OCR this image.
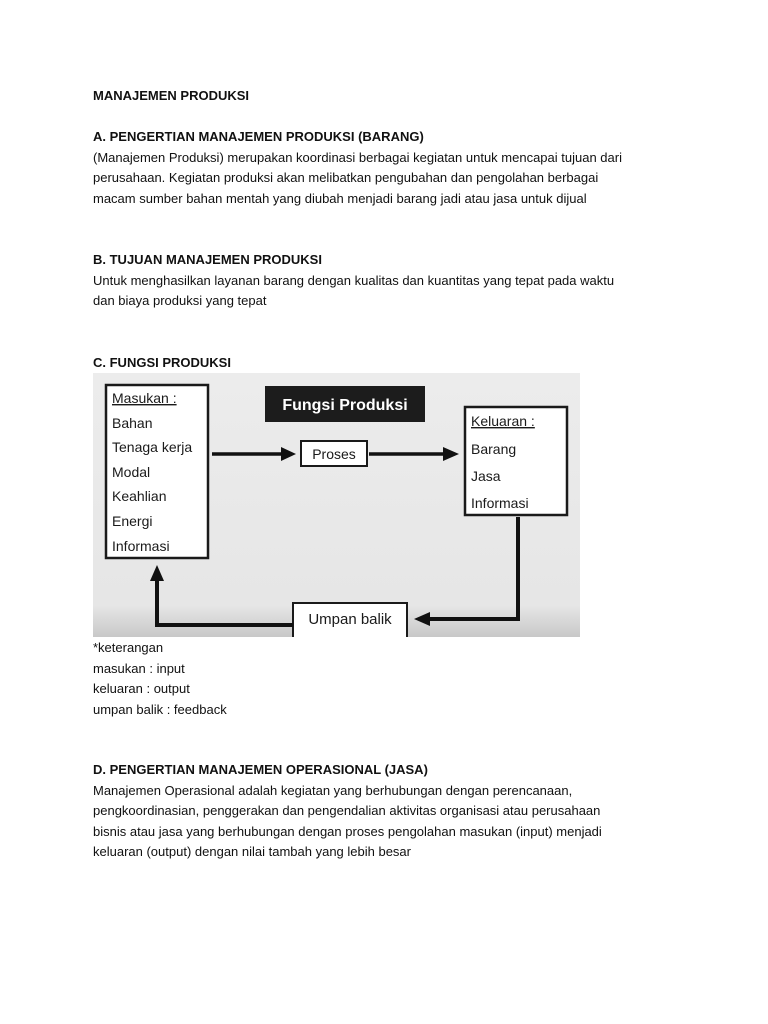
MANAJEMEN PRODUKSI

A. PENGERTIAN MANAJEMEN PRODUKSI (BARANG)

(Manajemen Produksi) merupakan koordinasi berbagai kegiatan untuk mencapai tujuan dari

perusahaan. Kegiatan produksi akan melibatkan pengubahan dan pengolahan berbagai

macam sumber bahan mentah yang diubah menjadi barang jadi atau jasa untuk dijual

B. TUJUAN MANAJEMEN PRODUKSI

Untuk menghasilkan layanan barang dengan kualitas dan kuantitas yang tepat pada waktu

dan biaya produksi yang tepat

C. FUNGSI PRODUKSI

Masukan :
Bahan
Tenaga kerja
Modal
Keahlian
Energi
Informasi
Fungsi Produksi
Proses
Keluaran :
Barang
Jasa
Informasi
Umpan balik

*keterangan

masukan : input

keluaran : output

umpan balik : feedback

D. PENGERTIAN MANAJEMEN OPERASIONAL (JASA)

Manajemen Operasional adalah kegiatan yang berhubungan dengan perencanaan,

pengkoordinasian, penggerakan dan pengendalian aktivitas organisasi atau perusahaan

bisnis atau jasa yang berhubungan dengan proses pengolahan masukan (input) menjadi

keluaran (output) dengan nilai tambah yang lebih besar
